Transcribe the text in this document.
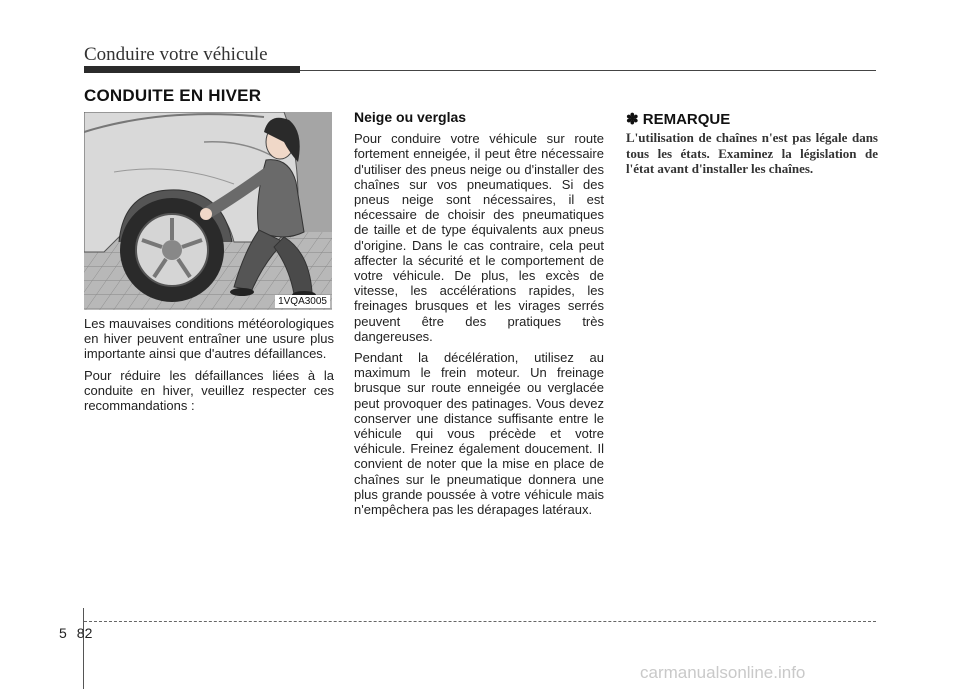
Conduire votre véhicule
CONDUITE EN HIVER
1VQA3005

Les mauvaises conditions météorologiques en hiver peuvent entraîner une usure plus importante ainsi que d'autres défaillances.

Pour réduire les défaillances liées à la conduite en hiver, veuillez respecter ces recommandations :

Neige ou verglas

Pour conduire votre véhicule sur route fortement enneigée, il peut être nécessaire d'utiliser des pneus neige ou d'installer des chaînes sur vos pneumatiques. Si des pneus neige sont nécessaires, il est nécessaire de choisir des pneumatiques de taille et de type équivalents aux pneus d'origine. Dans le cas contraire, cela peut affecter la sécurité et le comportement de votre véhicule. De plus, les excès de vitesse, les accélérations rapides, les freinages brusques et les virages serrés peuvent être des pratiques très dangereuses.

Pendant la décélération, utilisez au maximum le frein moteur. Un freinage brusque sur route enneigée ou verglacée peut provoquer des patinages. Vous devez conserver une distance suffisante entre le véhicule qui vous précède et votre véhicule. Freinez également doucement. Il convient de noter que la mise en place de chaînes sur le pneumatique donnera une plus grande poussée à votre véhicule mais n'empêchera pas les dérapages latéraux.

✽ REMARQUE

L'utilisation de chaînes n'est pas légale dans tous les états. Examinez la législation de l'état avant d'installer les chaînes.

5 82
carmanualsonline.info
